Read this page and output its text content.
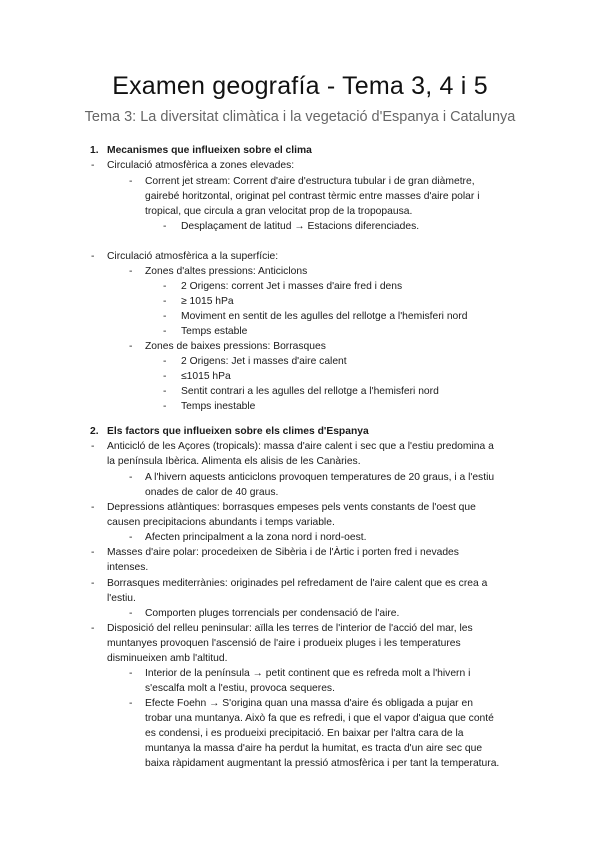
Examen geografía - Tema 3, 4 i 5
Tema 3: La diversitat climàtica i la vegetació d'Espanya i Catalunya
1. Mecanismes que influeixen sobre el clima
- Circulació atmosfèrica a zones elevades:
- Corrent jet stream: Corrent d'aire d'estructura tubular i de gran diàmetre,
gairebé horitzontal, originat pel contrast tèrmic entre masses d'aire polar i
tropical, que circula a gran velocitat prop de la tropopausa.
- Desplaçament de latitud → Estacions diferenciades.
- Circulació atmosfèrica a la superfície:
- Zones d'altes pressions: Anticiclons
- 2 Origens: corrent Jet i masses d'aire fred i dens
- ≥ 1015 hPa
- Moviment en sentit de les agulles del rellotge a l'hemisferi nord
- Temps estable
- Zones de baixes pressions: Borrasques
- 2 Origens: Jet i masses d'aire calent
- ≤1015 hPa
- Sentit contrari a les agulles del rellotge a l'hemisferi nord
- Temps inestable
2. Els factors que influeixen sobre els climes d'Espanya
- Anticicló de les Açores (tropicals): massa d'aire calent i sec que a l'estiu predomina a
la península Ibèrica. Alimenta els alisis de les Canàries.
- A l'hivern aquests anticiclons provoquen temperatures de 20 graus, i a l'estiu
onades de calor de 40 graus.
- Depressions atlàntiques: borrasques empeses pels vents constants de l'oest que
causen precipitacions abundants i temps variable.
- Afecten principalment a la zona nord i nord-oest.
- Masses d'aire polar: procedeixen de Sibèria i de l'Àrtic i porten fred i nevades
intenses.
- Borrasques mediterrànies: originades pel refredament de l'aire calent que es crea a
l'estiu.
- Comporten pluges torrencials per condensació de l'aire.
- Disposició del relleu peninsular: aïlla les terres de l'interior de l'acció del mar, les
muntanyes provoquen l'ascensió de l'aire i produeix pluges i les temperatures
disminueixen amb l'altitud.
- Interior de la península → petit continent que es refreda molt a l'hivern i
s'escalfa molt a l'estiu, provoca sequeres.
- Efecte Foehn → S'origina quan una massa d'aire és obligada a pujar en
trobar una muntanya. Això fa que es refredi, i que el vapor d'aigua que conté
es condensi, i es produeixi precipitació. En baixar per l'altra cara de la
muntanya la massa d'aire ha perdut la humitat, es tracta d'un aire sec que
baixa ràpidament augmentant la pressió atmosfèrica i per tant la temperatura.
